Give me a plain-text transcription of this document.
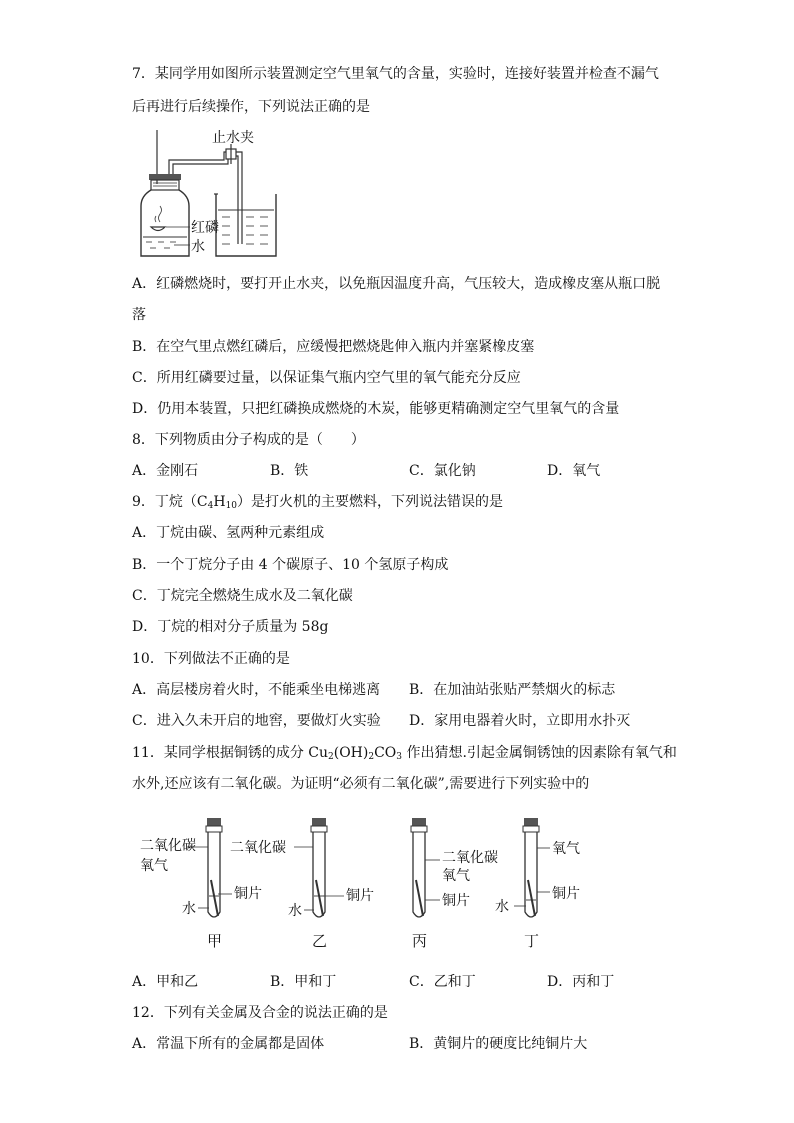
7．某同学用如图所示装置测定空气里氧气的含量，实验时，连接好装置并检查不漏气
后再进行后续操作，下列说法正确的是
止水夹
红磷
水
A．红磷燃烧时，要打开止水夹，以免瓶因温度升高，气压较大，造成橡皮塞从瓶口脱
落
B．在空气里点燃红磷后，应缓慢把燃烧匙伸入瓶内并塞紧橡皮塞
C．所用红磷要过量，以保证集气瓶内空气里的氧气能充分反应
D．仍用本装置，只把红磷换成燃烧的木炭，能够更精确测定空气里氧气的含量
8．下列物质由分子构成的是（　　）
A．金刚石	B．铁	C．氯化钠	D．氧气
9．丁烷$(C_4H_{10})$是打火机的主要燃料，下列说法错误的是
A．丁烷由碳、氢两种元素组成
B．一个丁烷分子由 4 个碳原子、10 个氢原子构成
C．丁烷完全燃烧生成水及二氧化碳
D．丁烷的相对分子质量为 58g
10．下列做法不正确的是
A．高层楼房着火时，不能乘坐电梯逃离 B．在加油站张贴严禁烟火的标志
C．进入久未开启的地窖，要做灯火实验 D．家用电器着火时，立即用水扑灭
11．某同学根据铜锈的成分 $Cu_2(OH)_2CO_3$ 作出猜想.引起金属铜锈蚀的因素除有氧气和
水外,还应该有二氧化碳。为证明“必须有二氧化碳”,需要进行下列实验中的
二氧化碳
氧气
铜片
水
甲
二氧化碳
铜片
水
乙
二氧化碳
氧气
铜片
丙
氧气
铜片
水
丁
A．甲和乙	B．甲和丁	C．乙和丁	D．丙和丁
12．下列有关金属及合金的说法正确的是
A．常温下所有的金属都是固体	B．黄铜片的硬度比纯铜片大
